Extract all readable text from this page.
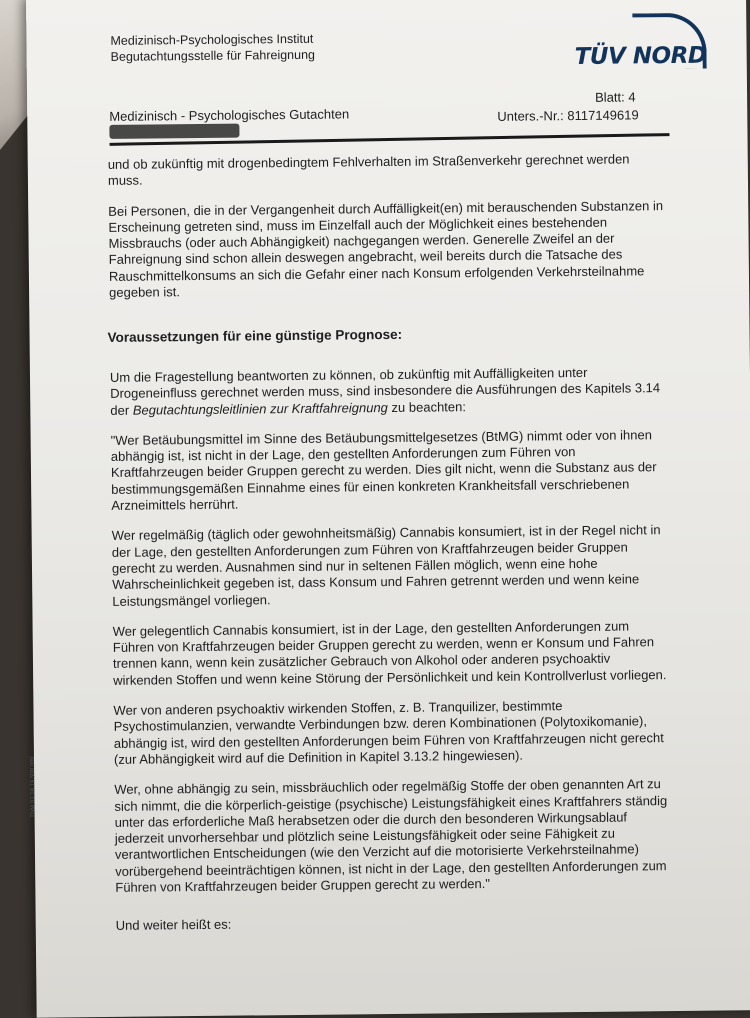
Medizinisch-Psychologisches Institut
Begutachtungsstelle für Fahreignung	TÜV NORD
Medizinisch - Psychologisches Gutachten
Blatt: 4
Unters.-Nr.: 8117149619

und ob zukünftig mit drogenbedingtem Fehlverhalten im Straßenverkehr gerechnet werden muss.

Bei Personen, die in der Vergangenheit durch Auffälligkeit(en) mit berauschenden Substanzen in Erscheinung getreten sind, muss im Einzelfall auch der Möglichkeit eines bestehenden Missbrauchs (oder auch Abhängigkeit) nachgegangen werden. Generelle Zweifel an der Fahreignung sind schon allein deswegen angebracht, weil bereits durch die Tatsache des Rauschmittelkonsums an sich die Gefahr einer nach Konsum erfolgenden Verkehrsteilnahme gegeben ist.

Voraussetzungen für eine günstige Prognose:

Um die Fragestellung beantworten zu können, ob zukünftig mit Auffälligkeiten unter Drogeneinfluss gerechnet werden muss, sind insbesondere die Ausführungen des Kapitels 3.14 der Begutachtungsleitlinien zur Kraftfahreignung zu beachten:

"Wer Betäubungsmittel im Sinne des Betäubungsmittelgesetzes (BtMG) nimmt oder von ihnen abhängig ist, ist nicht in der Lage, den gestellten Anforderungen zum Führen von Kraftfahrzeugen beider Gruppen gerecht zu werden. Dies gilt nicht, wenn die Substanz aus der bestimmungsgemäßen Einnahme eines für einen konkreten Krankheitsfall verschriebenen Arzneimittels herrührt.

Wer regelmäßig (täglich oder gewohnheitsmäßig) Cannabis konsumiert, ist in der Regel nicht in der Lage, den gestellten Anforderungen zum Führen von Kraftfahrzeugen beider Gruppen gerecht zu werden. Ausnahmen sind nur in seltenen Fällen möglich, wenn eine hohe Wahrscheinlichkeit gegeben ist, dass Konsum und Fahren getrennt werden und wenn keine Leistungsmängel vorliegen.

Wer gelegentlich Cannabis konsumiert, ist in der Lage, den gestellten Anforderungen zum Führen von Kraftfahrzeugen beider Gruppen gerecht zu werden, wenn er Konsum und Fahren trennen kann, wenn kein zusätzlicher Gebrauch von Alkohol oder anderen psychoaktiv wirkenden Stoffen und wenn keine Störung der Persönlichkeit und kein Kontrollverlust vorliegen.

Wer von anderen psychoaktiv wirkenden Stoffen, z. B. Tranquilizer, bestimmte Psychostimulanzien, verwandte Verbindungen bzw. deren Kombinationen (Polytoxikomanie), abhängig ist, wird den gestellten Anforderungen beim Führen von Kraftfahrzeugen nicht gerecht (zur Abhängigkeit wird auf die Definition in Kapitel 3.13.2 hingewiesen).

Wer, ohne abhängig zu sein, missbräuchlich oder regelmäßig Stoffe der oben genannten Art zu sich nimmt, die die körperlich-geistige (psychische) Leistungsfähigkeit eines Kraftfahrers ständig unter das erforderliche Maß herabsetzen oder die durch den besonderen Wirkungsablauf jederzeit unvorhersehbar und plötzlich seine Leistungsfähigkeit oder seine Fähigkeit zu verantwortlichen Entscheidungen (wie den Verzicht auf die motorisierte Verkehrsteilnahme) vorübergehend beeinträchtigen können, ist nicht in der Lage, den gestellten Anforderungen zum Führen von Kraftfahrzeugen beider Gruppen gerecht zu werden."

Und weiter heißt es:

TNM 03 08.19 500.000
